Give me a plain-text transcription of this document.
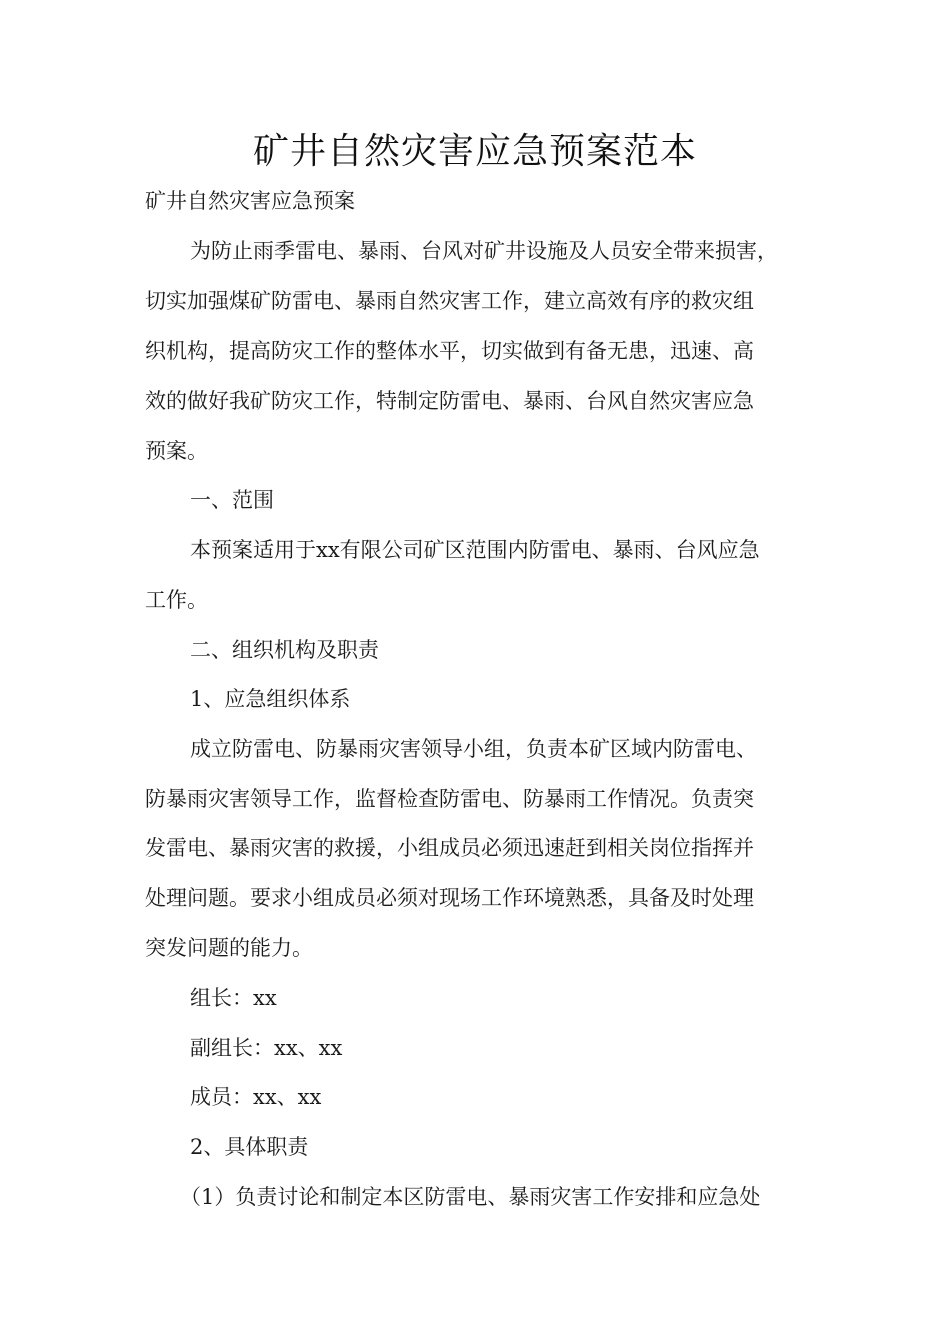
矿井自然灾害应急预案范本

矿井自然灾害应急预案

为防止雨季雷电、暴雨、台风对矿井设施及人员安全带来损害，

切实加强煤矿防雷电、暴雨自然灾害工作，建立高效有序的救灾组

织机构，提高防灾工作的整体水平，切实做到有备无患，迅速、高

效的做好我矿防灾工作，特制定防雷电、暴雨、台风自然灾害应急

预案。

一、范围

本预案适用于xx有限公司矿区范围内防雷电、暴雨、台风应急

工作。

二、组织机构及职责

1、应急组织体系

成立防雷电、防暴雨灾害领导小组，负责本矿区域内防雷电、

防暴雨灾害领导工作，监督检查防雷电、防暴雨工作情况。负责突

发雷电、暴雨灾害的救援，小组成员必须迅速赶到相关岗位指挥并

处理问题。要求小组成员必须对现场工作环境熟悉，具备及时处理

突发问题的能力。

组长：xx

副组长：xx、xx

成员：xx、xx

2、具体职责

（1）负责讨论和制定本区防雷电、暴雨灾害工作安排和应急处
